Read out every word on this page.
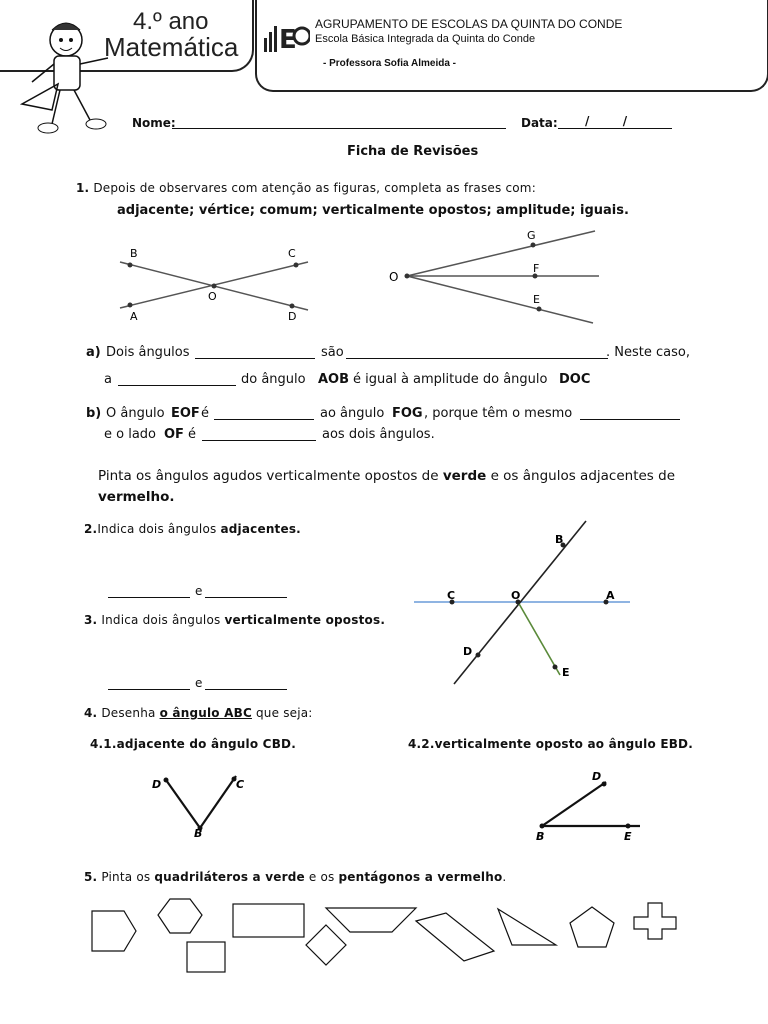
4.º ano
Matemática E
AGRUPAMENTO DE ESCOLAS DA QUINTA DO CONDE
Escola Básica Integrada da Quinta do Conde
- Professora Sofia Almeida -
Nome:	Data: /        /
Ficha de Revisões
1. Depois de observares com atenção as figuras, completa as frases com:
adjacente; vértice; comum; verticalmente opostos; amplitude; iguais.
B	C
O
A	D
G
F
O
E
a) Dois ângulos	são	. Neste caso,
a	do ângulo AOB é igual à amplitude do ângulo DOC
b) O ângulo EOF é	ao ângulo FOG , porque têm o mesmo
e o lado OF é	aos dois ângulos.
Pinta os ângulos agudos verticalmente opostos de verde e os ângulos adjacentes de vermelho.
2.Indica dois ângulos adjacentes.
e
3. Indica dois ângulos verticalmente opostos.
e
B
C	O	A
D
E
4. Desenha o ângulo ABC que seja:
4.1.adjacente do ângulo CBD.	4.2.verticalmente oposto ao ângulo EBD.
D	C
B
D
B	E
5. Pinta os quadriláteros a verde e os pentágonos a vermelho.
